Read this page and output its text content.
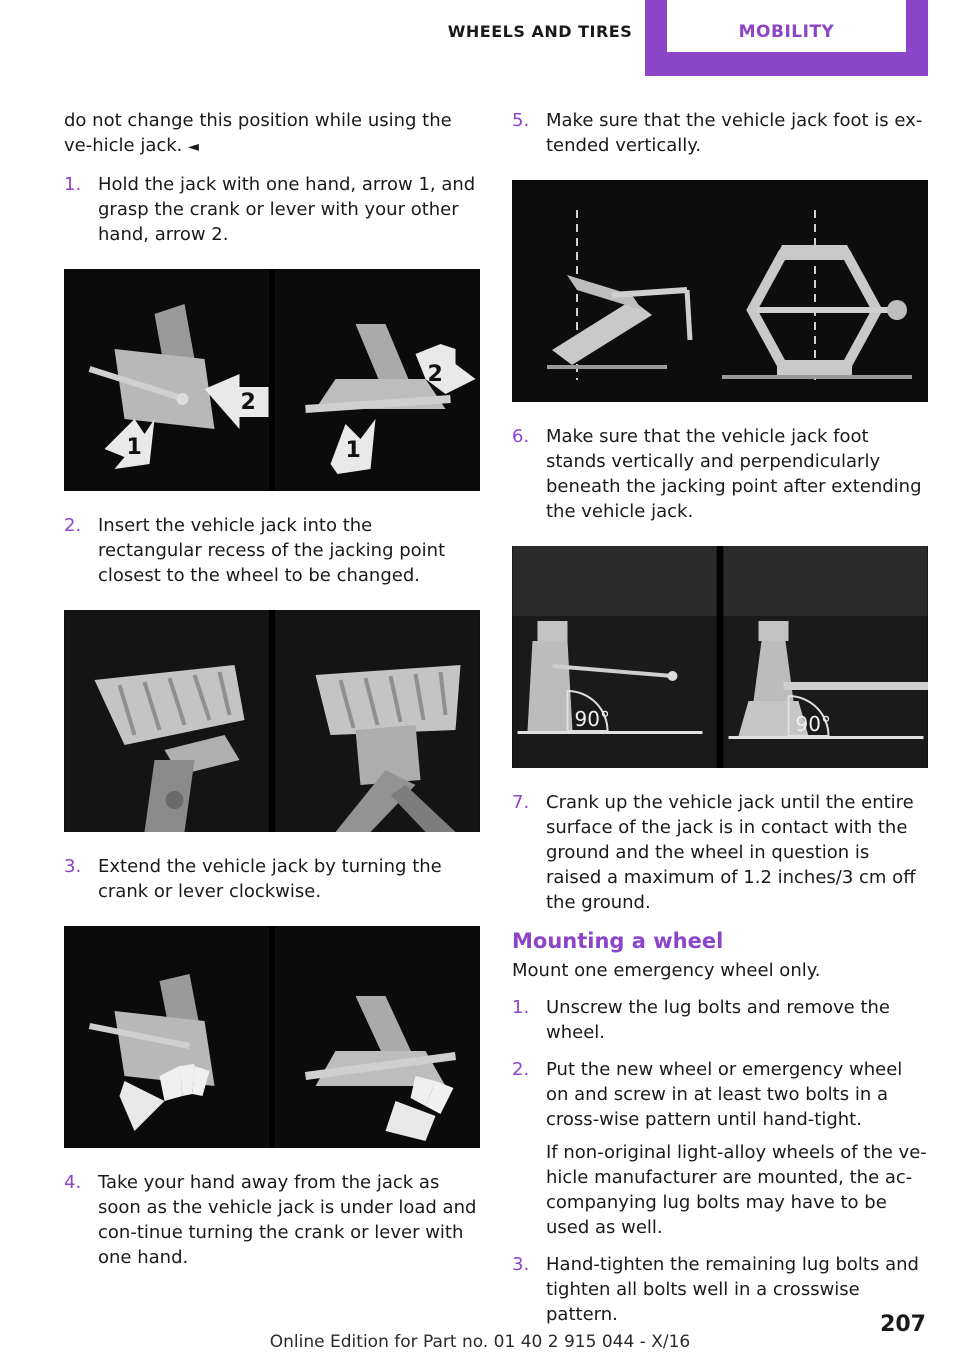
WHEELS AND TIRES	MOBILITY

do not change this position while using the ve‐hicle jack. ◄

1. Hold the jack with one hand, arrow 1, and grasp the crank or lever with your other hand, arrow 2.
1
2
1
2
2. Insert the vehicle jack into the rectangular recess of the jacking point closest to the wheel to be changed.
3. Extend the vehicle jack by turning the crank or lever clockwise.
4. Take your hand away from the jack as soon as the vehicle jack is under load and con‐tinue turning the crank or lever with one hand.
5. Make sure that the vehicle jack foot is ex‐tended vertically.
6. Make sure that the vehicle jack foot stands vertically and perpendicularly beneath the jacking point after extending the vehicle jack.
90°	90°
7. Crank up the vehicle jack until the entire surface of the jack is in contact with the ground and the wheel in question is raised a maximum of 1.2 inches/3 cm off the ground.
Mounting a wheel

Mount one emergency wheel only.

1. Unscrew the lug bolts and remove the wheel.
2. Put the new wheel or emergency wheel on and screw in at least two bolts in a cross‐wise pattern until hand-tight.

If non-original light-alloy wheels of the ve‐hicle manufacturer are mounted, the ac‐companying lug bolts may have to be used as well.

3. Hand-tighten the remaining lug bolts and tighten all bolts well in a crosswise pattern.
Online Edition for Part no. 01 40 2 915 044 - X/16
207
